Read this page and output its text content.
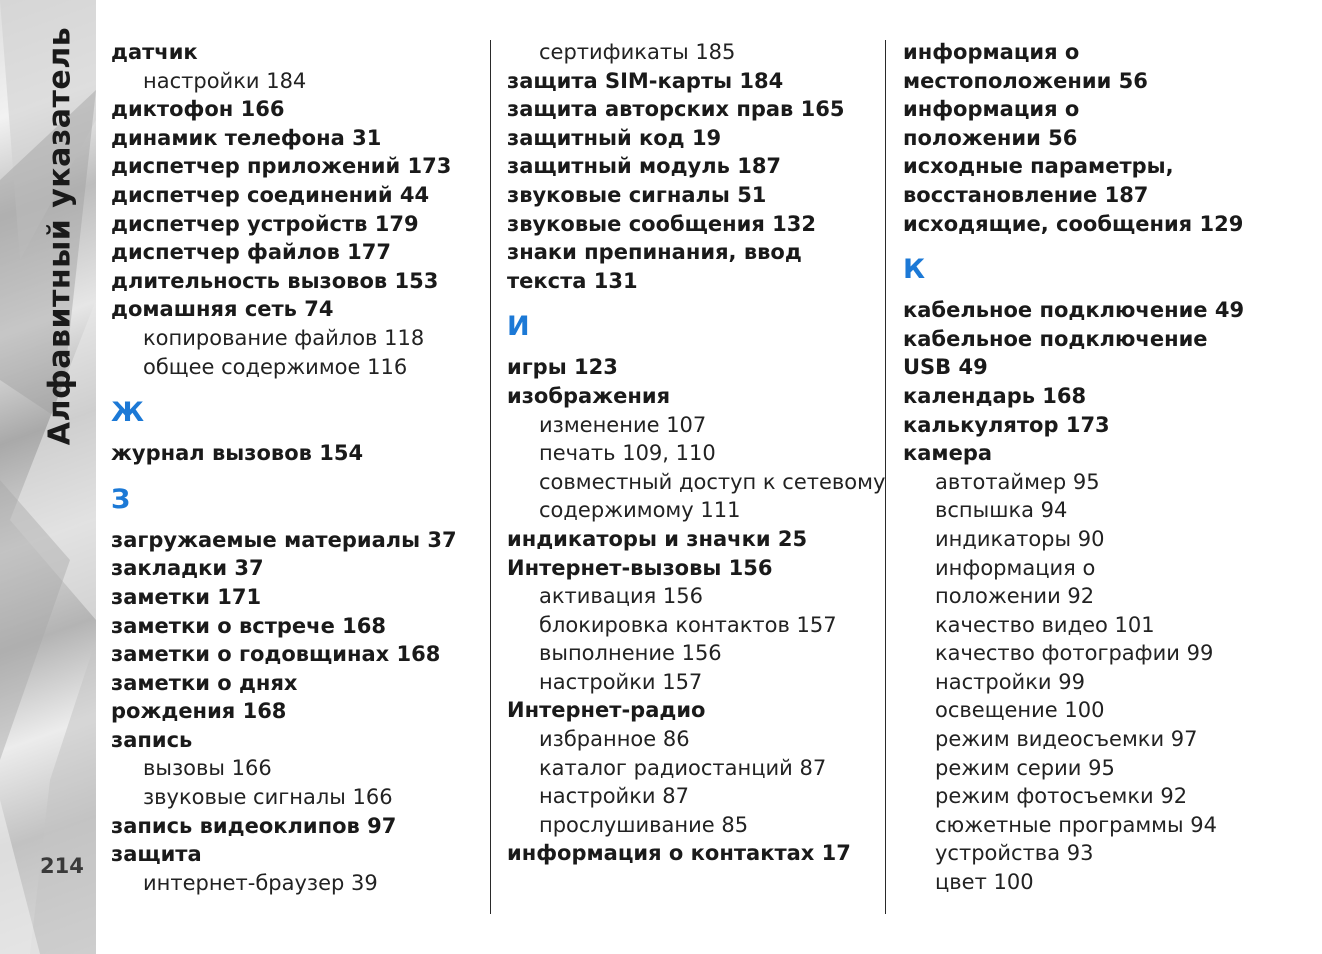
Алфавитный указатель
214
датчик
настройки 184
диктофон 166
динамик телефона 31
диспетчер приложений 173
диспетчер соединений 44
диспетчер устройств 179
диспетчер файлов 177
длительность вызовов 153
домашняя сеть 74
копирование файлов 118
общее содержимое 116
Ж
журнал вызовов 154
З
загружаемые материалы 37
закладки 37
заметки 171
заметки о встрече 168
заметки о годовщинах 168
заметки о днях
рождения 168
запись
вызовы 166
звуковые сигналы 166
запись видеоклипов 97
защита
интернет-браузер 39
сертификаты 185
защита SIM-карты 184
защита авторских прав 165
защитный код 19
защитный модуль 187
звуковые сигналы 51
звуковые сообщения 132
знаки препинания, ввод
текста 131
И
игры 123
изображения
изменение 107
печать 109, 110
совместный доступ к сетевому
содержимому 111
индикаторы и значки 25
Интернет-вызовы 156
активация 156
блокировка контактов 157
выполнение 156
настройки 157
Интернет-радио
избранное 86
каталог радиостанций 87
настройки 87
прослушивание 85
информация о контактах 17
информация о
местоположении 56
информация о
положении 56
исходные параметры,
восстановление 187
исходящие, сообщения 129
К
кабельное подключение 49
кабельное подключение
USB 49
календарь 168
калькулятор 173
камера
автотаймер 95
вспышка 94
индикаторы 90
информация о
положении 92
качество видео 101
качество фотографии 99
настройки 99
освещение 100
режим видеосъемки 97
режим серии 95
режим фотосъемки 92
сюжетные программы 94
устройства 93
цвет 100
